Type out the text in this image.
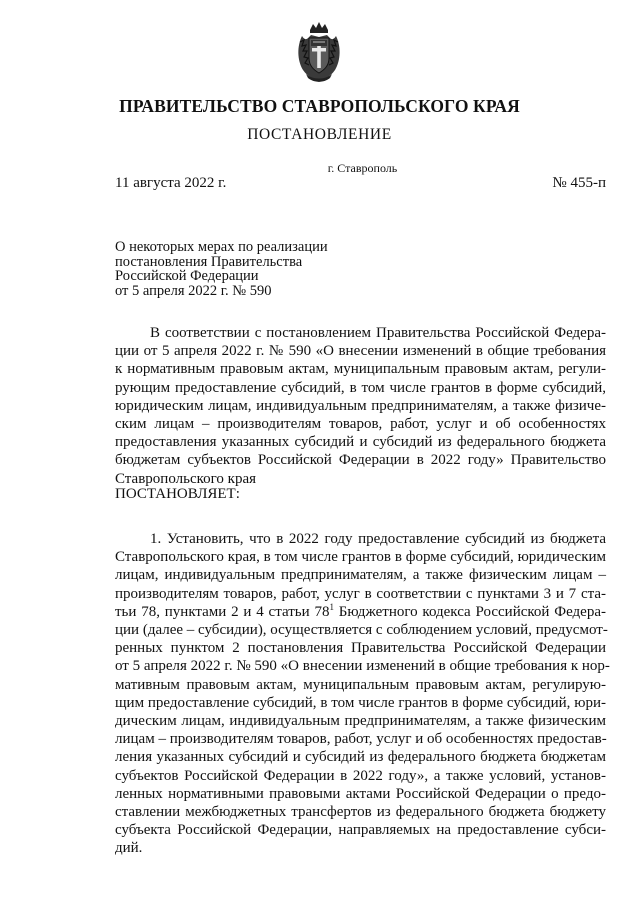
ПРАВИТЕЛЬСТВО СТАВРОПОЛЬСКОГО КРАЯ
ПОСТАНОВЛЕНИЕ
г. Ставрополь
11 августа 2022 г.	№ 455-п
О некоторых мерах по реализации
постановления Правительства
Российской Федерации
от 5 апреля 2022 г. № 590
В соответствии с постановлением Правительства Российской Федера-
ции от 5 апреля 2022 г. № 590 «О внесении изменений в общие требования
к нормативным правовым актам, муниципальным правовым актам, регули-
рующим предоставление субсидий, в том числе грантов в форме субсидий,
юридическим лицам, индивидуальным предпринимателям, а также физиче-
ским лицам – производителям товаров, работ, услуг и об особенностях
предоставления указанных субсидий и субсидий из федерального бюджета
бюджетам субъектов Российской Федерации в 2022 году» Правительство
Ставропольского края
ПОСТАНОВЛЯЕТ:
1. Установить, что в 2022 году предоставление субсидий из бюджета
Ставропольского края, в том числе грантов в форме субсидий, юридическим
лицам, индивидуальным предпринимателям, а также физическим лицам –
производителям товаров, работ, услуг в соответствии с пунктами 3 и 7 ста-
тьи 78, пунктами 2 и 4 статьи $78^1$ Бюджетного кодекса Российской Федера-
ции (далее – субсидии), осуществляется с соблюдением условий, предусмот-
ренных пунктом 2 постановления Правительства Российской Федерации
от 5 апреля 2022 г. № 590 «О внесении изменений в общие требования к нор-
мативным правовым актам, муниципальным правовым актам, регулирую-
щим предоставление субсидий, в том числе грантов в форме субсидий, юри-
дическим лицам, индивидуальным предпринимателям, а также физическим
лицам – производителям товаров, работ, услуг и об особенностях предостав-
ления указанных субсидий и субсидий из федерального бюджета бюджетам
субъектов Российской Федерации в 2022 году», а также условий, установ-
ленных нормативными правовыми актами Российской Федерации о предо-
ставлении межбюджетных трансфертов из федерального бюджета бюджету
субъекта Российской Федерации, направляемых на предоставление субси-
дий.
